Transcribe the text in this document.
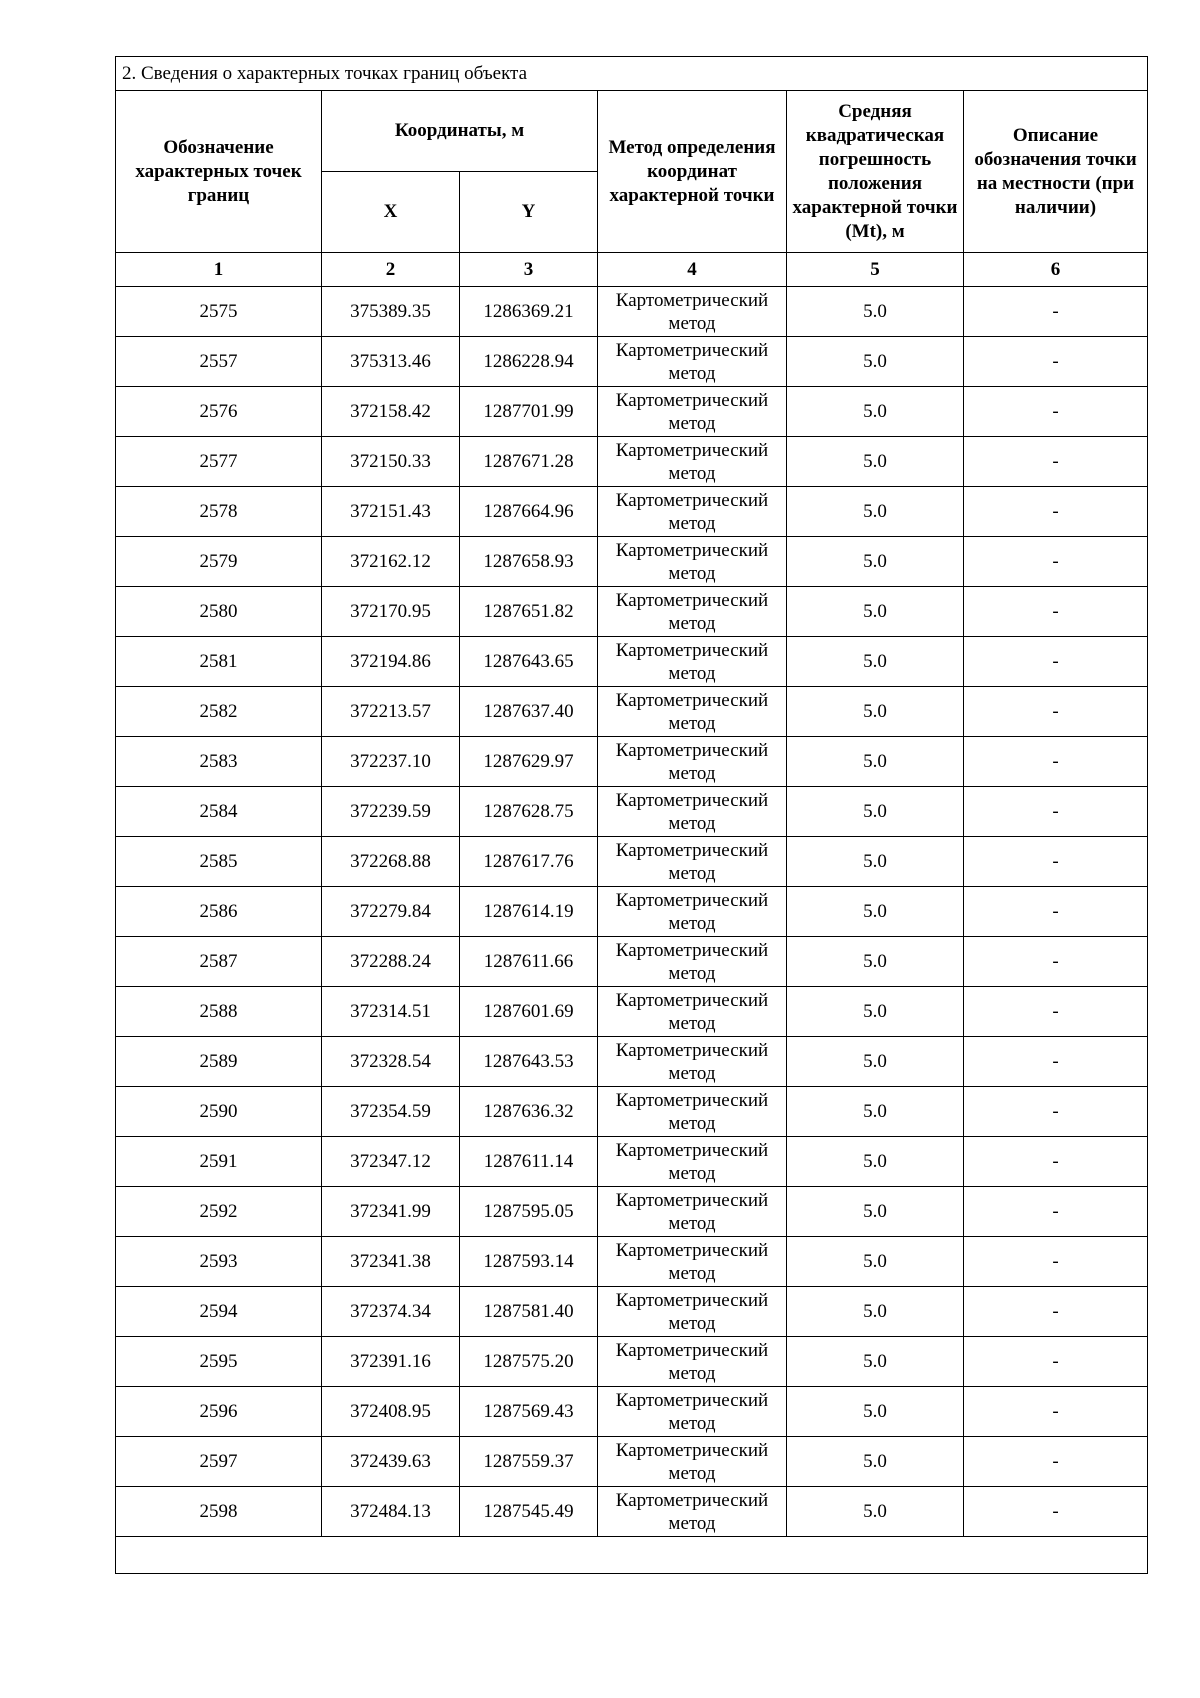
2. Сведения о характерных точках границ объекта					
Обозначение характерных точек границ	Координаты, м		Метод определения координат характерной точки	Средняя квадратическая погрешность положения характерной точки (Mt), м	Описание обозначения точки на местности (при наличии)
	X	Y			
1	2	3	4	5	6
2575	375389.35	1286369.21	Картометрический метод	5.0	-
2557	375313.46	1286228.94	Картометрический метод	5.0	-
2576	372158.42	1287701.99	Картометрический метод	5.0	-
2577	372150.33	1287671.28	Картометрический метод	5.0	-
2578	372151.43	1287664.96	Картометрический метод	5.0	-
2579	372162.12	1287658.93	Картометрический метод	5.0	-
2580	372170.95	1287651.82	Картометрический метод	5.0	-
2581	372194.86	1287643.65	Картометрический метод	5.0	-
2582	372213.57	1287637.40	Картометрический метод	5.0	-
2583	372237.10	1287629.97	Картометрический метод	5.0	-
2584	372239.59	1287628.75	Картометрический метод	5.0	-
2585	372268.88	1287617.76	Картометрический метод	5.0	-
2586	372279.84	1287614.19	Картометрический метод	5.0	-
2587	372288.24	1287611.66	Картометрический метод	5.0	-
2588	372314.51	1287601.69	Картометрический метод	5.0	-
2589	372328.54	1287643.53	Картометрический метод	5.0	-
2590	372354.59	1287636.32	Картометрический метод	5.0	-
2591	372347.12	1287611.14	Картометрический метод	5.0	-
2592	372341.99	1287595.05	Картометрический метод	5.0	-
2593	372341.38	1287593.14	Картометрический метод	5.0	-
2594	372374.34	1287581.40	Картометрический метод	5.0	-
2595	372391.16	1287575.20	Картометрический метод	5.0	-
2596	372408.95	1287569.43	Картометрический метод	5.0	-
2597	372439.63	1287559.37	Картометрический метод	5.0	-
2598	372484.13	1287545.49	Картометрический метод	5.0	-
